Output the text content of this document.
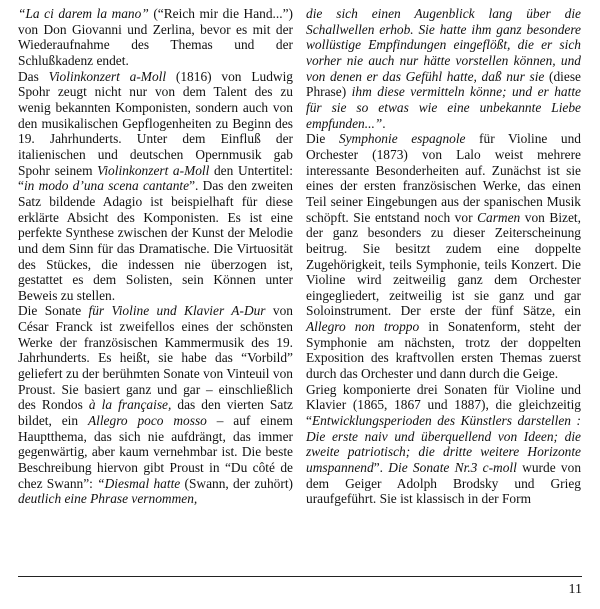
“La ci darem la mano” (“Reich mir die Hand...”) von Don Giovanni und Zerlina, bevor es mit der Wiederaufnahme des Themas und der Schlußkadenz endet.

Das Violinkonzert a-Moll (1816) von Ludwig Spohr zeugt nicht nur von dem Talent des zu wenig bekannten Komponisten, sondern auch von den musikalischen Gepflogenheiten zu Beginn des 19. Jahrhunderts. Unter dem Einfluß der italienischen und deutschen Opernmusik gab Spohr seinem Violinkonzert a-Moll den Untertitel: “in modo d’una scena cantante”. Das den zweiten Satz bildende Adagio ist beispielhaft für diese erklärte Absicht des Komponisten. Es ist eine perfekte Synthese zwischen der Kunst der Melodie und dem Sinn für das Dramatische. Die Virtuosität des Stückes, die indessen nie überzogen ist, gestattet es dem Solisten, sein Können unter Beweis zu stellen.

Die Sonate für Violine und Klavier A-Dur von César Franck ist zweifellos eines der schönsten Werke der französischen Kammermusik des 19. Jahrhunderts. Es heißt, sie habe das “Vorbild” geliefert zu der berühmten Sonate von Vinteuil von Proust. Sie basiert ganz und gar – einschließlich des Rondos à la française, das den vierten Satz bildet, ein Allegro poco mosso – auf einem Hauptthema, das sich nie aufdrängt, das immer gegenwärtig, aber kaum vernehmbar ist. Die beste Beschreibung hiervon gibt Proust in “Du côté de chez Swann”: “Diesmal hatte (Swann, der zuhört) deutlich eine Phrase vernommen,

die sich einen Augenblick lang über die Schallwellen erhob. Sie hatte ihm ganz besondere wollüstige Empfindungen eingeflößt, die er sich vorher nie auch nur hätte vorstellen können, und von denen er das Gefühl hatte, daß nur sie (diese Phrase) ihm diese vermitteln könne; und er hatte für sie so etwas wie eine unbekannte Liebe empfunden...”.

Die Symphonie espagnole für Violine und Orchester (1873) von Lalo weist mehrere interessante Besonderheiten auf. Zunächst ist sie eines der ersten französischen Werke, das einen Teil seiner Eingebungen aus der spanischen Musik schöpft. Sie entstand noch vor Carmen von Bizet, der ganz besonders zu dieser Zeiterscheinung beitrug. Sie besitzt zudem eine doppelte Zugehörigkeit, teils Symphonie, teils Konzert. Die Violine wird zeitweilig ganz dem Orchester eingegliedert, zeitweilig ist sie ganz und gar Soloinstrument. Der erste der fünf Sätze, ein Allegro non troppo in Sonatenform, steht der Symphonie am nächsten, trotz der doppelten Exposition des kraftvollen ersten Themas zuerst durch das Orchester und dann durch die Geige.

Grieg komponierte drei Sonaten für Violine und Klavier (1865, 1867 und 1887), die gleichzeitig “Entwicklungsperioden des Künstlers darstellen : Die erste naiv und überquellend von Ideen; die zweite patriotisch; die dritte weitere Horizonte umspannend”. Die Sonate Nr.3 c-moll wurde von dem Geiger Adolph Brodsky und Grieg uraufgeführt. Sie ist klassisch in der Form

11
